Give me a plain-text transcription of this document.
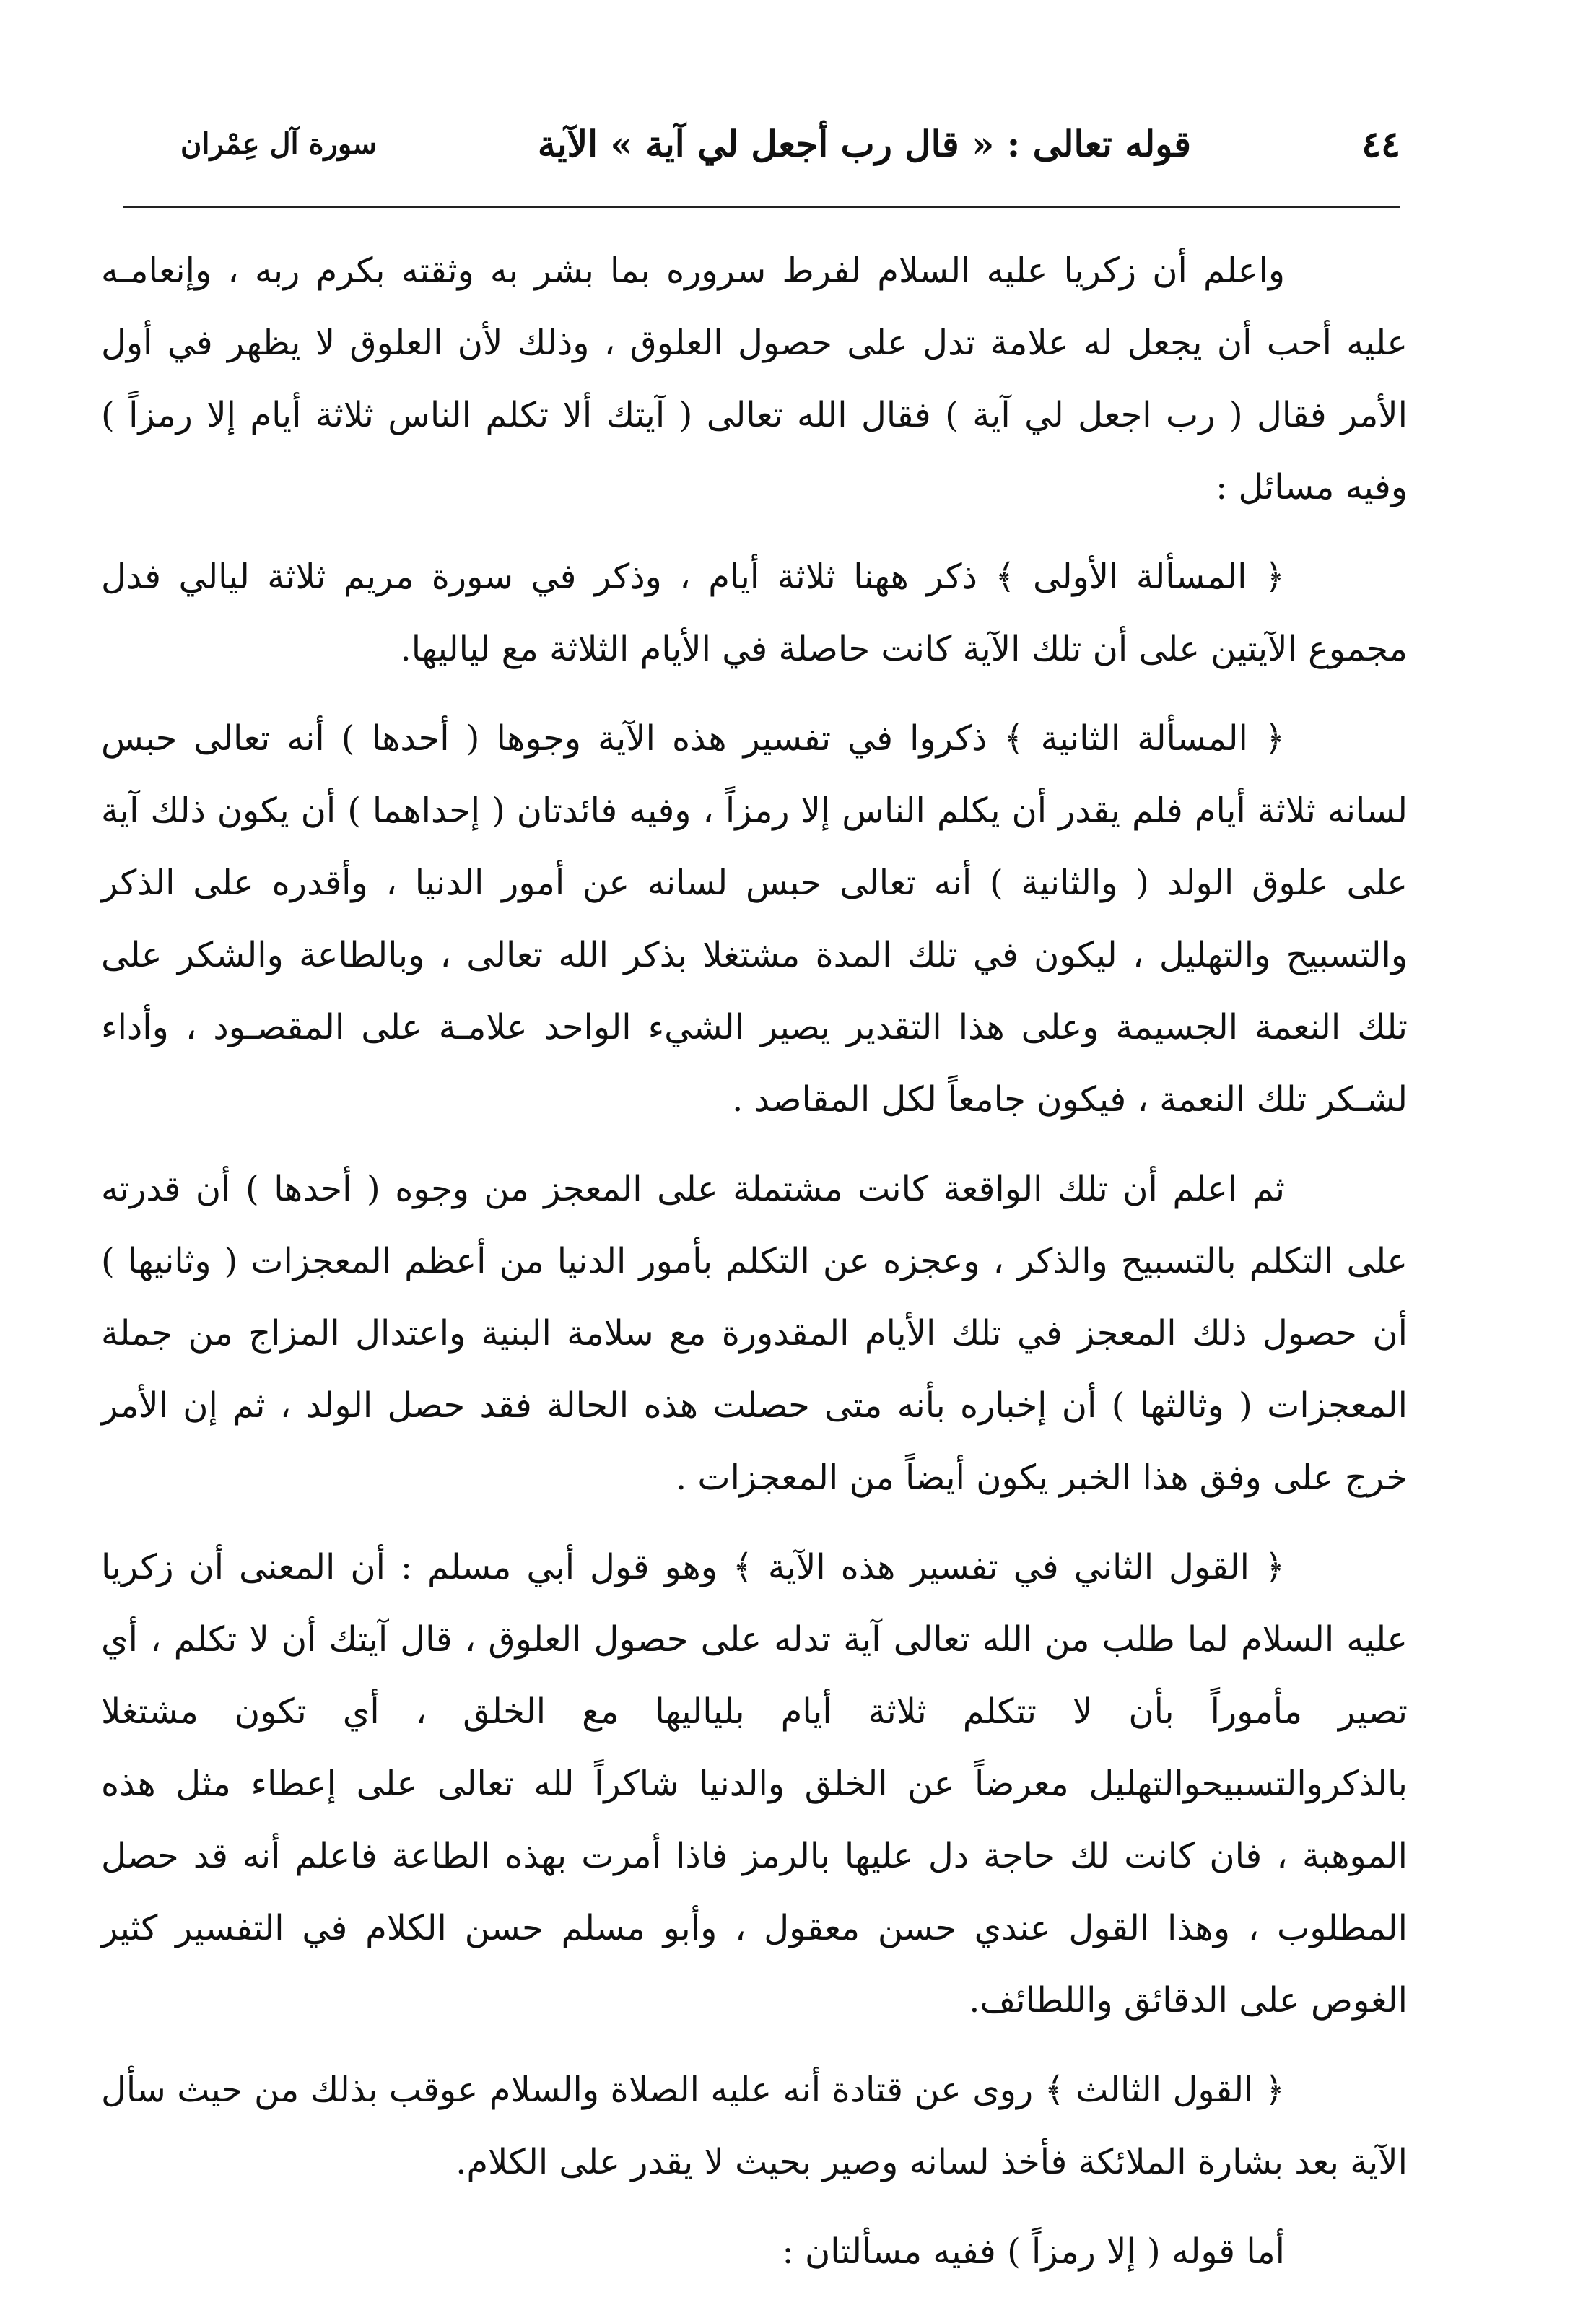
٤٤
قوله تعالى : « قال رب أجعل لي آية » الآية
سورة آل عِمْران

واعلم أن زكريا عليه السلام لفرط سروره بما بشر به وثقته بكرم ربه ، وإنعامـه عليه أحب أن يجعل له علامة تدل على حصول العلوق ، وذلك لأن العلوق لا يظهر في أول الأمر فقال ( رب اجعل لي آية ) فقال الله تعالى ( آيتك ألا تكلم الناس ثلاثة أيام إلا رمزاً ) وفيه مسائل :

﴿ المسألة الأولى ﴾ ذكر ههنا ثلاثة أيام ، وذكر في سورة مريم ثلاثة ليالي فدل مجموع الآيتين على أن تلك الآية كانت حاصلة في الأيام الثلاثة مع لياليها.

﴿ المسألة الثانية ﴾ ذكروا في تفسير هذه الآية وجوها ( أحدها ) أنه تعالى حبس لسانه ثلاثة أيام فلم يقدر أن يكلم الناس إلا رمزاً ، وفيه فائدتان ( إحداهما ) أن يكون ذلك آية على علوق الولد ( والثانية ) أنه تعالى حبس لسانه عن أمور الدنيا ، وأقدره على الذكر والتسبيح والتهليل ، ليكون في تلك المدة مشتغلا بذكر الله تعالى ، وبالطاعة والشكر على تلك النعمة الجسيمة وعلى هذا التقدير يصير الشيء الواحد علامـة على المقصـود ، وأداء لشـكر تلك النعمة ، فيكون جامعاً لكل المقاصد .

ثم اعلم أن تلك الواقعة كانت مشتملة على المعجز من وجوه ( أحدها ) أن قدرته على التكلم بالتسبيح والذكر ، وعجزه عن التكلم بأمور الدنيا من أعظم المعجزات ( وثانيها ) أن حصول ذلك المعجز في تلك الأيام المقدورة مع سلامة البنية واعتدال المزاج من جملة المعجزات ( وثالثها ) أن إخباره بأنه متى حصلت هذه الحالة فقد حصل الولد ، ثم إن الأمر خرج على وفق هذا الخبر يكون أيضاً من المعجزات .

﴿ القول الثاني في تفسير هذه الآية ﴾ وهو قول أبي مسلم : أن المعنى أن زكريا عليه السلام لما طلب من الله تعالى آية تدله على حصول العلوق ، قال آيتك أن لا تكلم ، أي تصير مأموراً بأن لا تتكلم ثلاثة أيام بلياليها مع الخلق ، أي تكون مشتغلا بالذكروالتسبيحوالتهليل معرضاً عن الخلق والدنيا شاكراً لله تعالى على إعطاء مثل هذه الموهبة ، فان كانت لك حاجة دل عليها بالرمز فاذا أمرت بهذه الطاعة فاعلم أنه قد حصل المطلوب ، وهذا القول عندي حسن معقول ، وأبو مسلم حسن الكلام في التفسير كثير الغوص على الدقائق واللطائف.

﴿ القول الثالث ﴾ روى عن قتادة أنه عليه الصلاة والسلام عوقب بذلك من حيث سأل الآية بعد بشارة الملائكة فأخذ لسانه وصير بحيث لا يقدر على الكلام.

أما قوله ( إلا رمزاً ) ففيه مسألتان :
